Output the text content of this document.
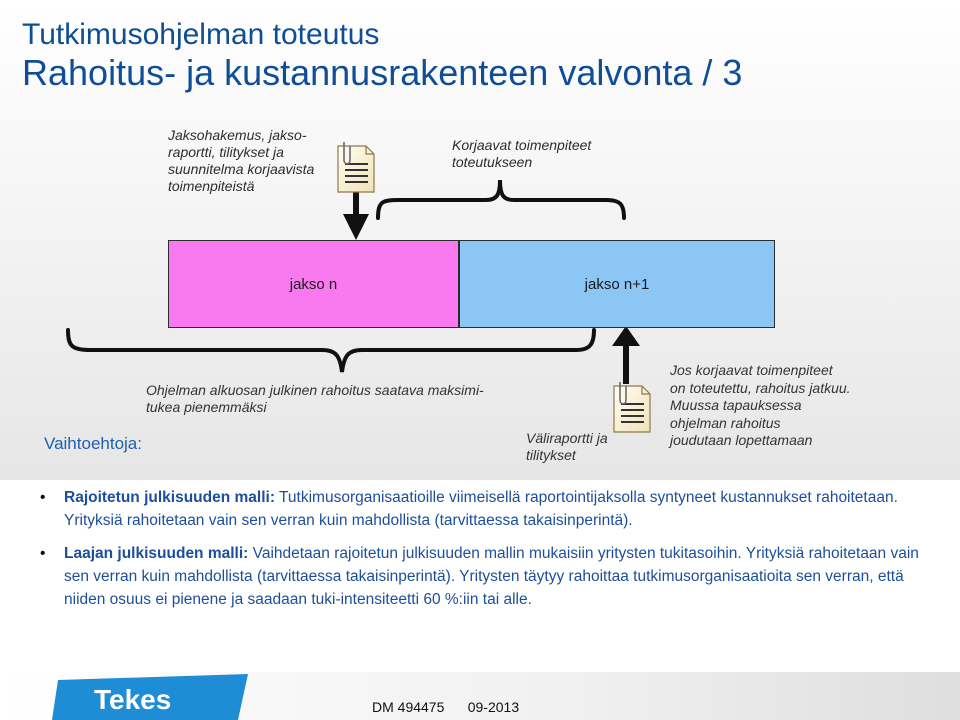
Tutkimusohjelman toteutus
Rahoitus- ja kustannusrakenteen valvonta / 3
Jaksohakemus, jakso-
raportti, tilitykset ja
suunnitelma korjaavista
toimenpiteistä
Korjaavat toimenpiteet
toteutukseen
jakso n	jakso n+1
Ohjelman alkuosan julkinen rahoitus saatava maksimi-
tukea pienemmäksi
Väliraportti ja
tilitykset
Jos korjaavat toimenpiteet
on toteutettu, rahoitus jatkuu.
Muussa tapauksessa
ohjelman rahoitus
joudutaan lopettamaan
Vaihtoehtoja:
• Rajoitetun julkisuuden malli: Tutkimusorganisaatioille viimeisellä raportointijaksolla syntyneet kustannukset rahoitetaan. Yrityksiä rahoitetaan vain sen verran kuin mahdollista (tarvittaessa takaisinperintä).
• Laajan julkisuuden malli: Vaihdetaan rajoitetun julkisuuden mallin mukaisiin yritysten tukitasoihin. Yrityksiä rahoitetaan vain sen verran kuin mahdollista (tarvittaessa takaisinperintä). Yritysten täytyy rahoittaa tutkimusorganisaatioita sen verran, että niiden osuus ei pienene ja saadaan tuki-intensiteetti 60 %:iin tai alle.
Tekes	DM 494475 09-2013
